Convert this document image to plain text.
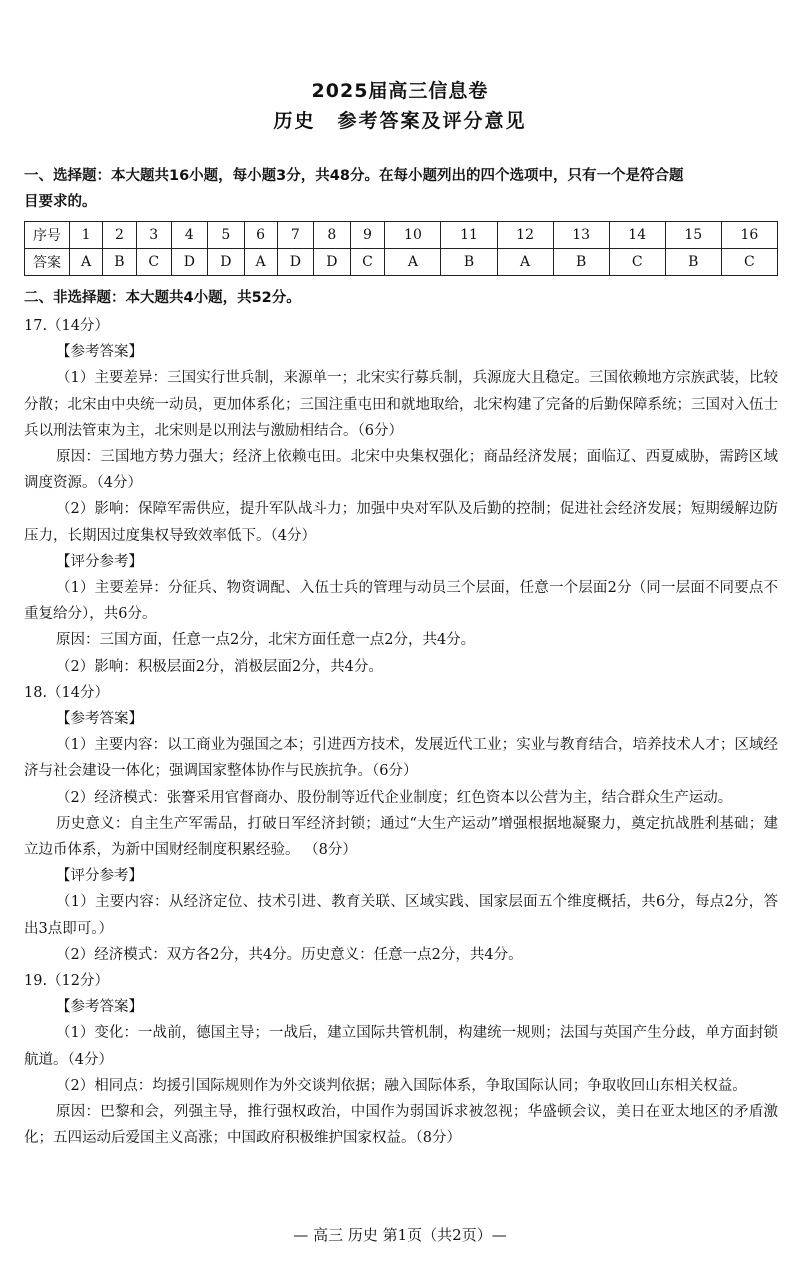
2025届高三信息卷
历史 参考答案及评分意见
一、选择题：本大题共16小题，每小题3分，共48分。在每小题列出的四个选项中，只有一个是符合题
目要求的。
序号	1	2	3	4	5	6	7	8	9	10	11	12	13	14	15	16
答案	A	B	C	D	D	A	D	D	C	A	B	A	B	C	B	C
二、非选择题：本大题共4小题，共52分。

17.（14分）

【参考答案】

（1）主要差异：三国实行世兵制，来源单一；北宋实行募兵制，兵源庞大且稳定。三国依赖地方宗族武装，比较分散；北宋由中央统一动员，更加体系化；三国注重屯田和就地取给，北宋构建了完备的后勤保障系统；三国对入伍士兵以刑法管束为主，北宋则是以刑法与激励相结合。（6分）

原因：三国地方势力强大；经济上依赖屯田。北宋中央集权强化；商品经济发展；面临辽、西夏威胁，需跨区域调度资源。（4分）

（2）影响：保障军需供应，提升军队战斗力；加强中央对军队及后勤的控制；促进社会经济发展；短期缓解边防压力，长期因过度集权导致效率低下。（4分）

【评分参考】

（1）主要差异：分征兵、物资调配、入伍士兵的管理与动员三个层面，任意一个层面2分（同一层面不同要点不重复给分），共6分。

原因：三国方面，任意一点2分，北宋方面任意一点2分，共4分。

（2）影响：积极层面2分，消极层面2分，共4分。

18.（14分）

【参考答案】

（1）主要内容：以工商业为强国之本；引进西方技术，发展近代工业；实业与教育结合，培养技术人才；区域经济与社会建设一体化；强调国家整体协作与民族抗争。（6分）

（2）经济模式：张謇采用官督商办、股份制等近代企业制度；红色资本以公营为主，结合群众生产运动。

历史意义：自主生产军需品，打破日军经济封锁；通过“大生产运动”增强根据地凝聚力，奠定抗战胜利基础；建立边币体系，为新中国财经制度积累经验。 （8分）

【评分参考】

（1）主要内容：从经济定位、技术引进、教育关联、区域实践、国家层面五个维度概括，共6分，每点2分，答出3点即可。）

（2）经济模式：双方各2分，共4分。历史意义：任意一点2分，共4分。

19.（12分）

【参考答案】

（1）变化：一战前，德国主导；一战后，建立国际共管机制，构建统一规则；法国与英国产生分歧，单方面封锁航道。（4分）

（2）相同点：均援引国际规则作为外交谈判依据；融入国际体系，争取国际认同；争取收回山东相关权益。

原因：巴黎和会，列强主导，推行强权政治，中国作为弱国诉求被忽视；华盛顿会议，美日在亚太地区的矛盾激化；五四运动后爱国主义高涨；中国政府积极维护国家权益。（8分）

— 高三 历史 第1页（共2页）—
